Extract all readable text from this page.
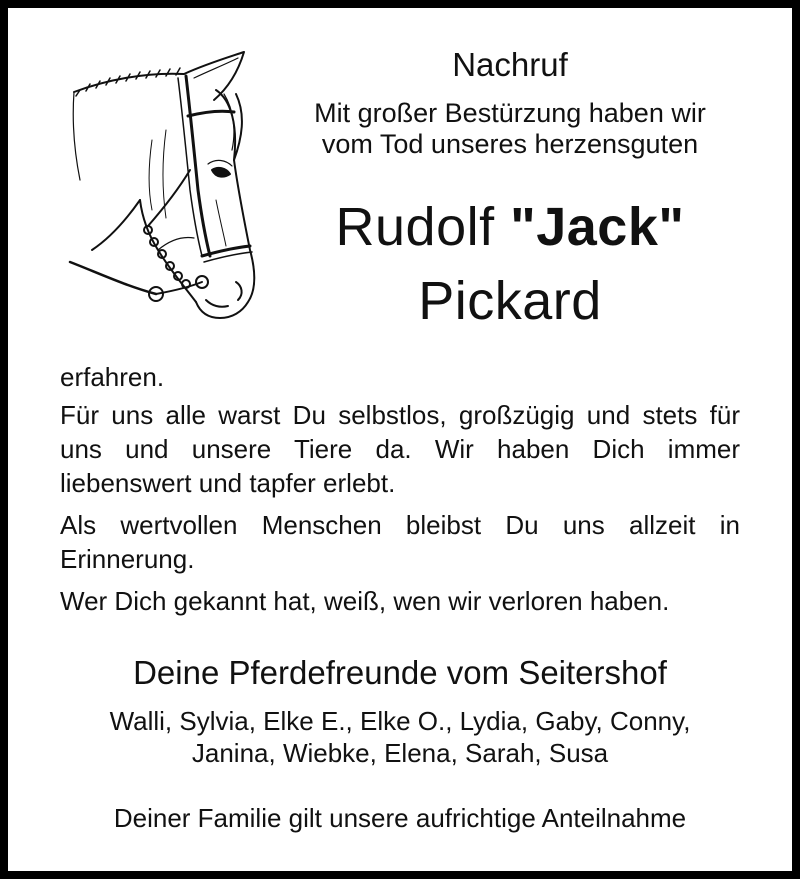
Nachruf
Mit großer Bestürzung haben wir
vom Tod unseres herzensguten
Rudolf "Jack"
Pickard
erfahren.
Für uns alle warst Du selbstlos, großzügig und stets für uns und unsere Tiere da. Wir haben Dich immer liebenswert und tapfer erlebt.
Als wertvollen Menschen bleibst Du uns allzeit in Erinnerung.
Wer Dich gekannt hat, weiß, wen wir verloren haben.
Deine Pferdefreunde vom Seitershof
Walli, Sylvia, Elke E., Elke O., Lydia, Gaby, Conny,
Janina, Wiebke, Elena, Sarah, Susa
Deiner Familie gilt unsere aufrichtige Anteilnahme
